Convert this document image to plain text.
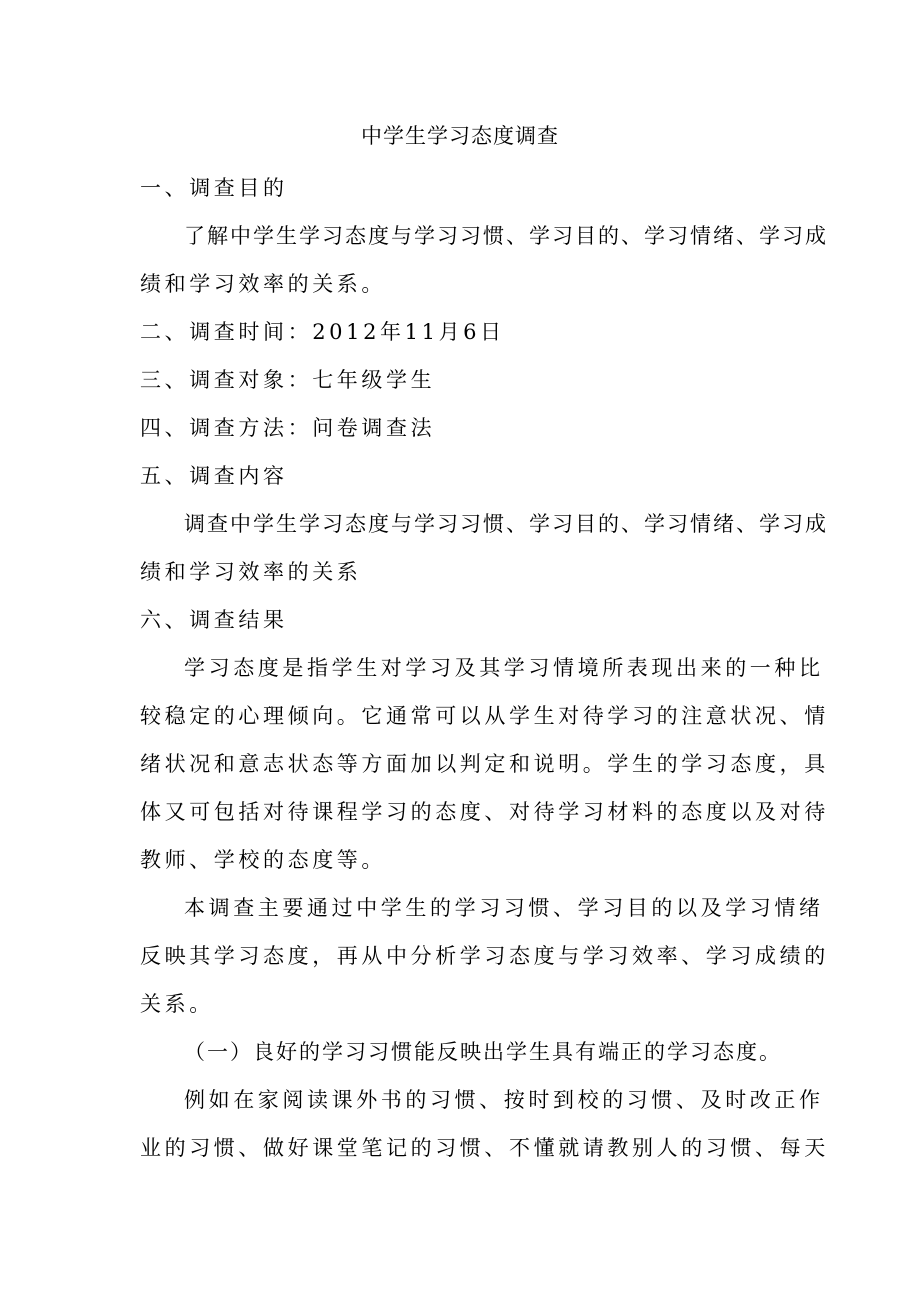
中学生学习态度调查
一、调查目的
了解中学生学习态度与学习习惯、学习目的、学习情绪、学习成
绩和学习效率的关系。
二、调查时间：2012年11月6日
三、调查对象：七年级学生
四、调查方法：问卷调查法
五、调查内容
调查中学生学习态度与学习习惯、学习目的、学习情绪、学习成
绩和学习效率的关系
六、调查结果
学习态度是指学生对学习及其学习情境所表现出来的一种比
较稳定的心理倾向。它通常可以从学生对待学习的注意状况、情
绪状况和意志状态等方面加以判定和说明。学生的学习态度，具
体又可包括对待课程学习的态度、对待学习材料的态度以及对待
教师、学校的态度等。
本调查主要通过中学生的学习习惯、学习目的以及学习情绪
反映其学习态度，再从中分析学习态度与学习效率、学习成绩的
关系。
（一）良好的学习习惯能反映出学生具有端正的学习态度。
例如在家阅读课外书的习惯、按时到校的习惯、及时改正作
业的习惯、做好课堂笔记的习惯、不懂就请教别人的习惯、每天
